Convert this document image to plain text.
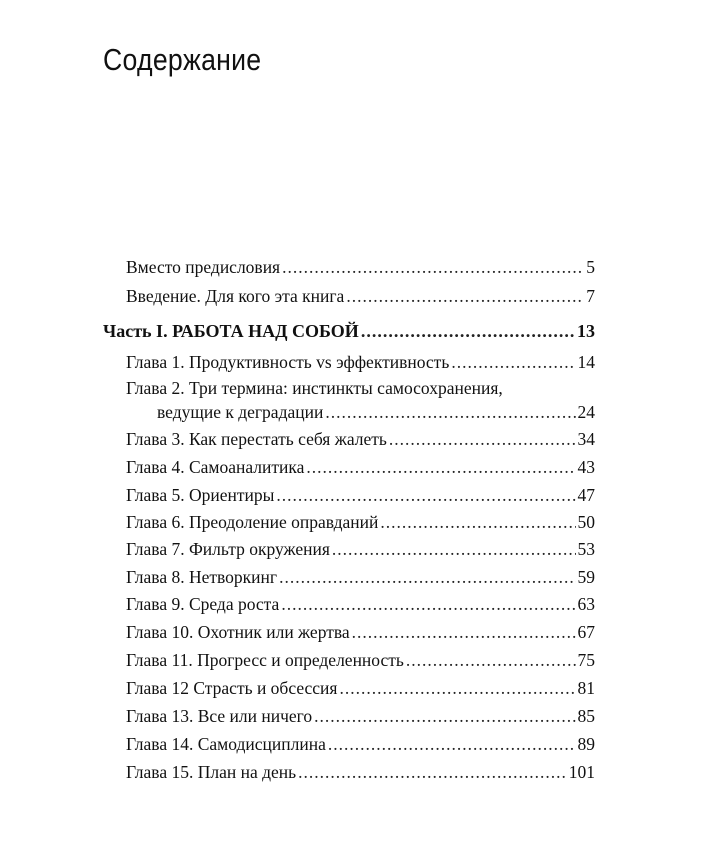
Содержание
Вместо предисловия .....	5
Введение. Для кого эта книга .....	7
Часть I. РАБОТА НАД СОБОЙ .....	13
Глава 1. Продуктивность vs эффективность .....	14
Глава 2. Три термина: инстинкты самосохранения,
ведущие к деградации .....	24
Глава 3. Как перестать себя жалеть .....	34
Глава 4. Самоаналитика .....	43
Глава 5. Ориентиры .....	47
Глава 6. Преодоление оправданий .....	50
Глава 7. Фильтр окружения .....	53
Глава 8. Нетворкинг .....	59
Глава 9. Среда роста .....	63
Глава 10. Охотник или жертва .....	67
Глава 11. Прогресс и определенность .....	75
Глава 12 Страсть и обсессия .....	81
Глава 13. Все или ничего .....	85
Глава 14. Самодисциплина .....	89
Глава 15. План на день .....	101
